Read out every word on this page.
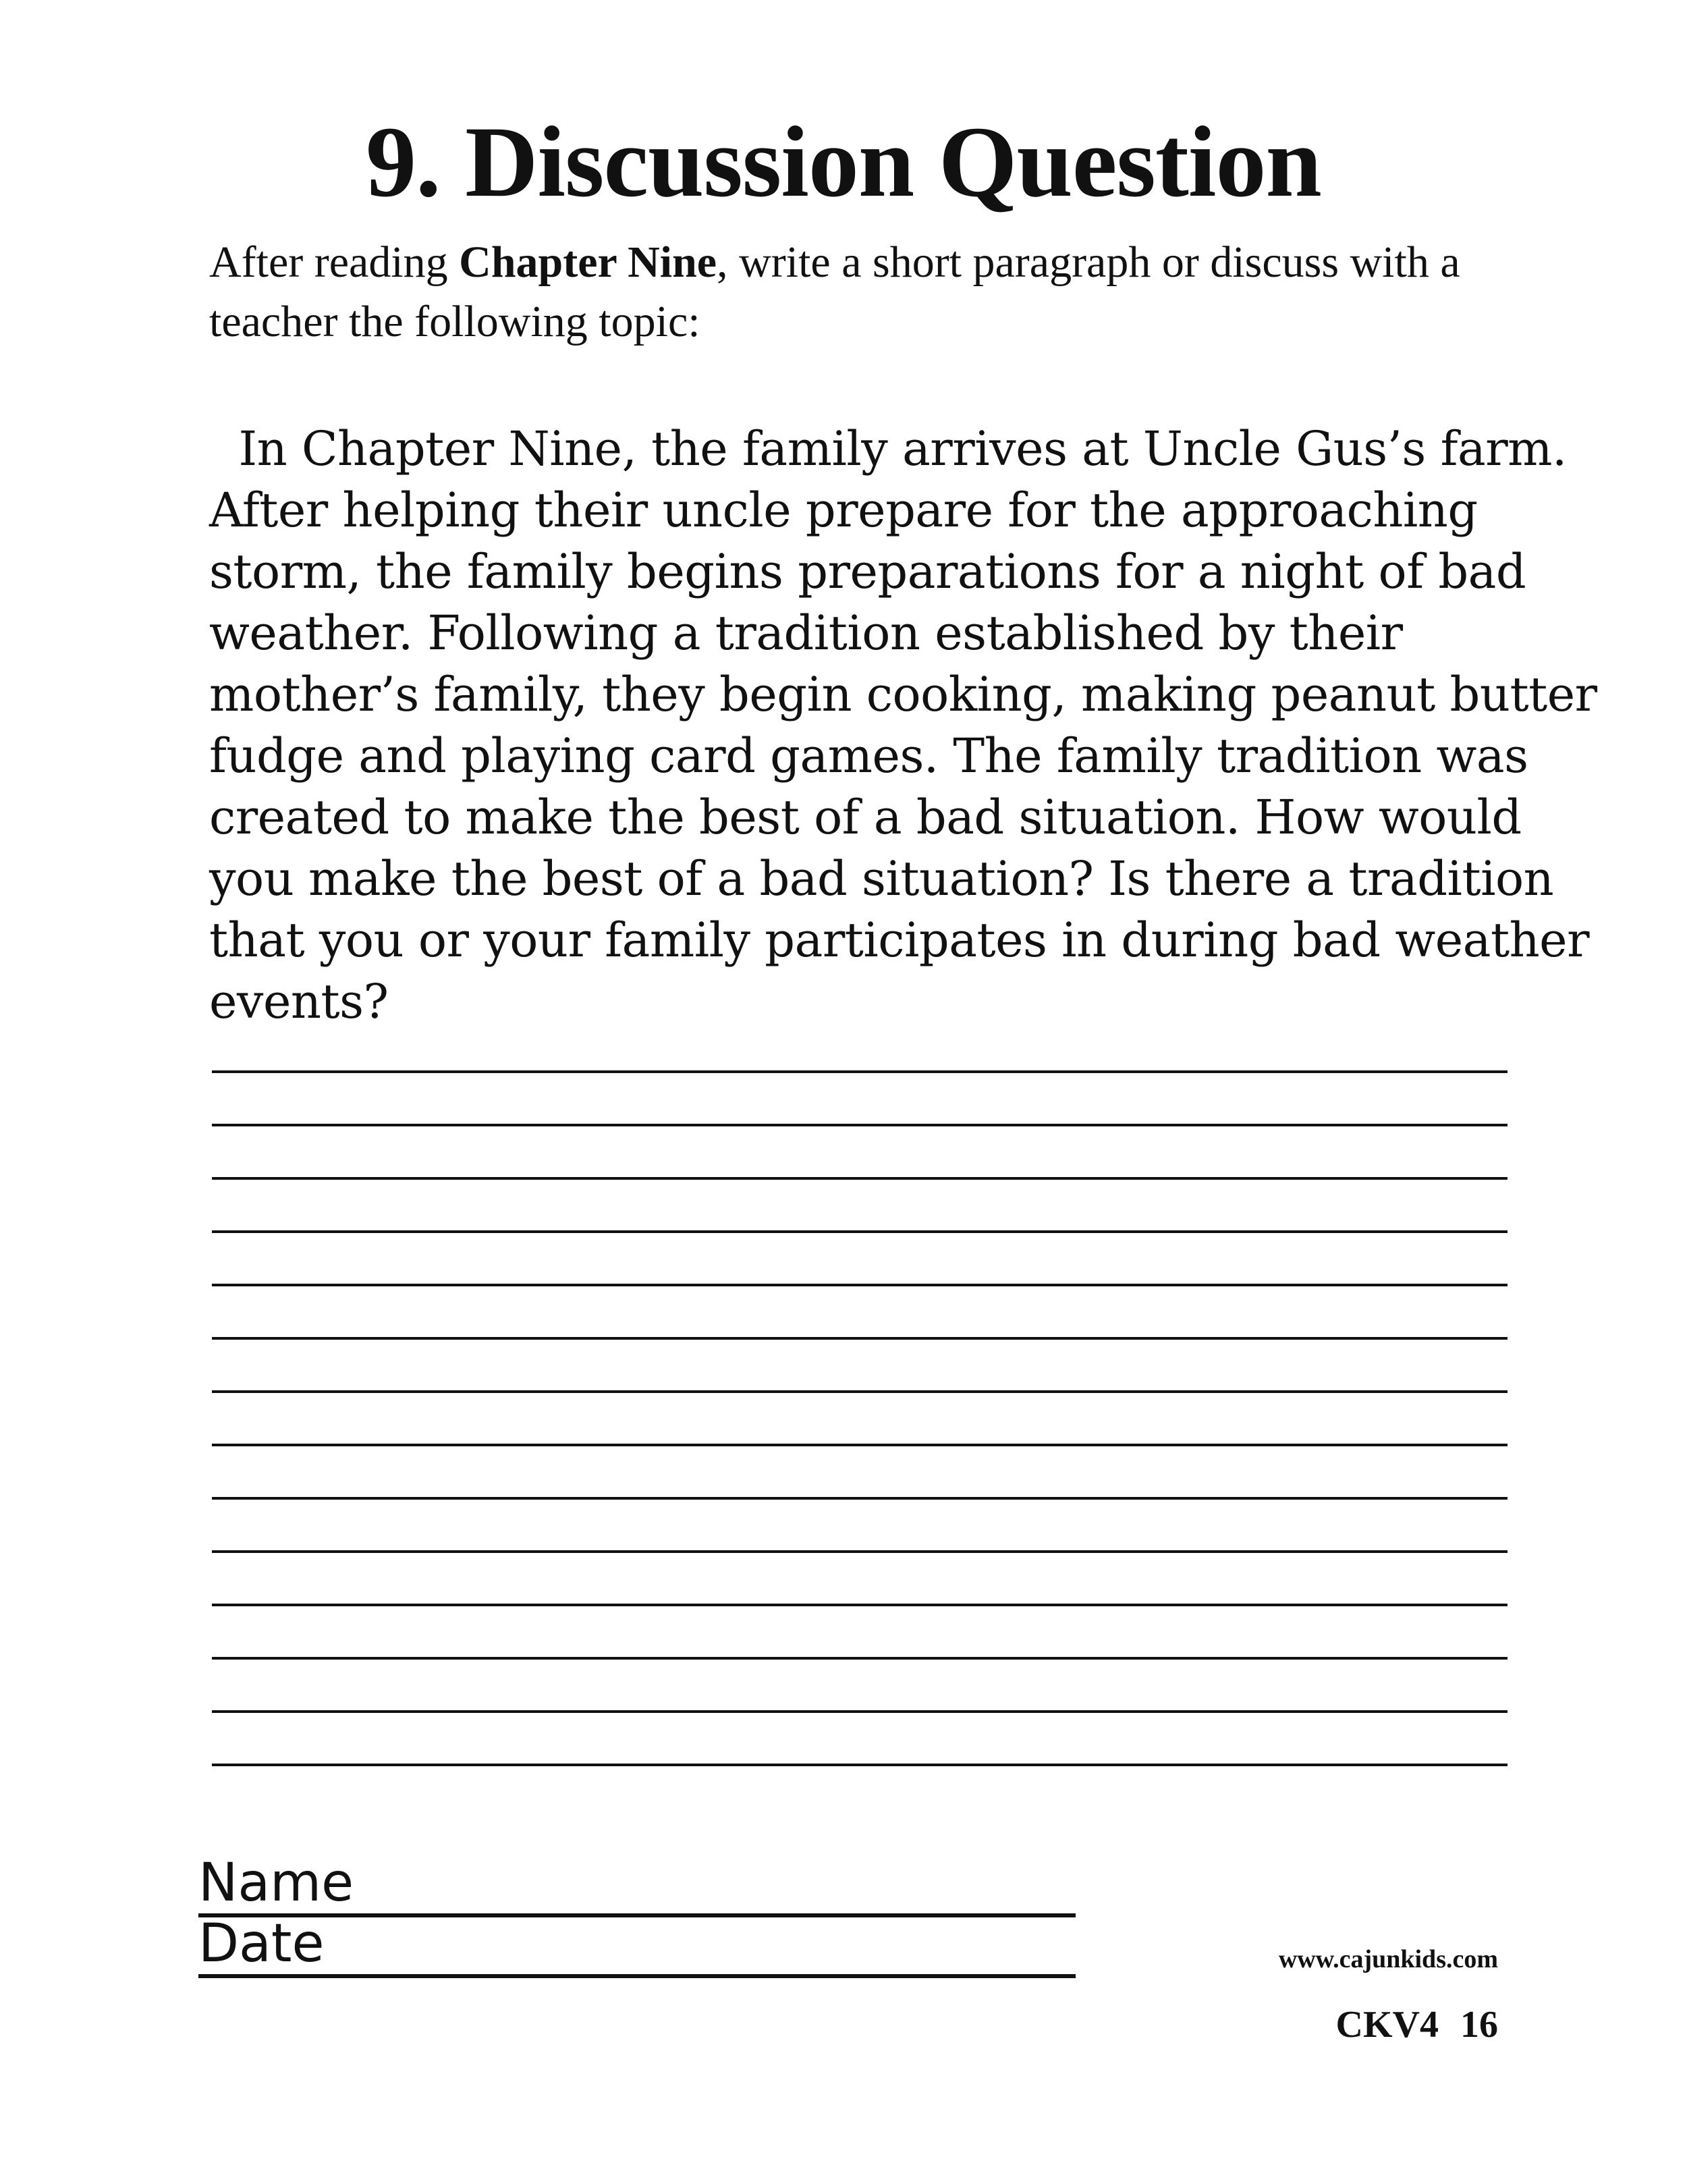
9. Discussion Question

After reading Chapter Nine, write a short paragraph or discuss with a teacher the following topic:

In Chapter Nine, the family arrives at Uncle Gus’s farm.
After helping their uncle prepare for the approaching
storm, the family begins preparations for a night of bad
weather. Following a tradition established by their
mother’s family, they begin cooking, making peanut butter
fudge and playing card games. The family tradition was
created to make the best of a bad situation. How would
you make the best of a bad situation? Is there a tradition
that you or your family participates in during bad weather
events?
Name
Date	www.cajunkids.com

CKV4 16
